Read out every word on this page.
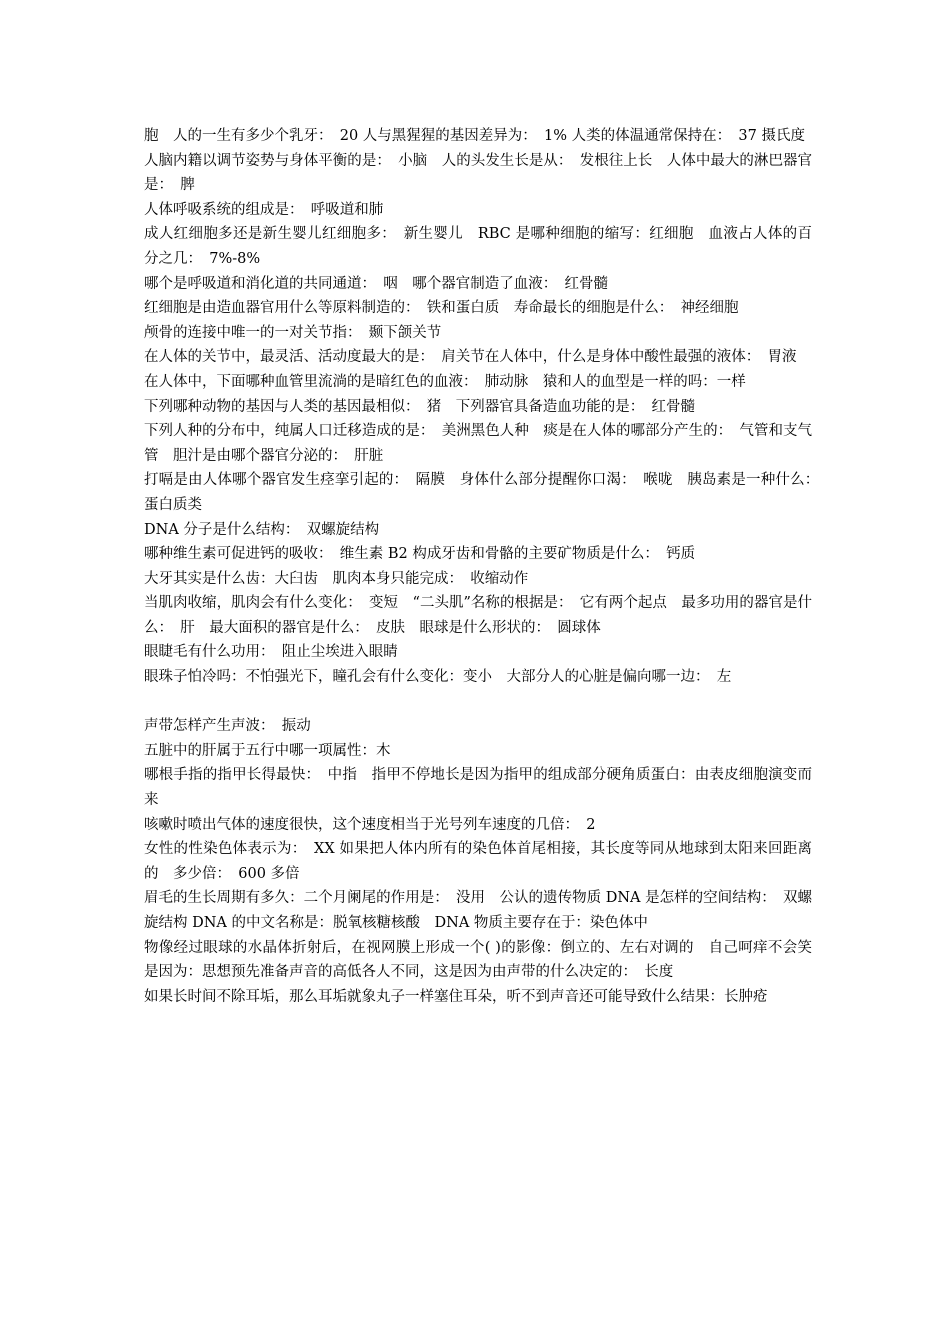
胞　人的一生有多少个乳牙：　20 人与黑猩猩的基因差异为：　1% 人类的体温通常保持在：　37 摄氏度

人脑内籍以调节姿势与身体平衡的是：　小脑　人的头发生长是从：　发根往上长　人体中最大的淋巴器官是：　脾

人体呼吸系统的组成是：　呼吸道和肺

成人红细胞多还是新生婴儿红细胞多：　新生婴儿　RBC 是哪种细胞的缩写：红细胞　血液占人体的百分之几：　7%-8%

哪个是呼吸道和消化道的共同通道：　咽　哪个器官制造了血液：　红骨髓

红细胞是由造血器官用什么等原料制造的：　铁和蛋白质　寿命最长的细胞是什么：　神经细胞

颅骨的连接中唯一的一对关节指：　颞下颌关节

在人体的关节中，最灵活、活动度最大的是：　肩关节在人体中，什么是身体中酸性最强的液体：　胃液

在人体中，下面哪种血管里流淌的是暗红色的血液：　肺动脉　猿和人的血型是一样的吗：一样

下列哪种动物的基因与人类的基因最相似：　猪　下列器官具备造血功能的是：　红骨髓

下列人种的分布中，纯属人口迁移造成的是：　美洲黑色人种　痰是在人体的哪部分产生的：　气管和支气管　胆汁是由哪个器官分泌的：　肝脏

打嗝是由人体哪个器官发生痉挛引起的：　隔膜　身体什么部分提醒你口渴：　喉咙　胰岛素是一种什么：　蛋白质类

DNA 分子是什么结构：　双螺旋结构

哪种维生素可促进钙的吸收：　维生素 B2 构成牙齿和骨骼的主要矿物质是什么：　钙质

大牙其实是什么齿：大臼齿　肌肉本身只能完成：　收缩动作

当肌肉收缩，肌肉会有什么变化：　变短　“二头肌”名称的根据是：　它有两个起点　最多功用的器官是什么：　肝　最大面积的器官是什么：　皮肤　眼球是什么形状的：　圆球体

眼睫毛有什么功用：　阻止尘埃进入眼睛

眼珠子怕冷吗：不怕强光下，瞳孔会有什么变化：变小　大部分人的心脏是偏向哪一边：　左

声带怎样产生声波：　振动

五脏中的肝属于五行中哪一项属性：木

哪根手指的指甲长得最快：　中指　指甲不停地长是因为指甲的组成部分硬角质蛋白：由表皮细胞演变而来

咳嗽时喷出气体的速度很快，这个速度相当于光号列车速度的几倍：　2

女性的性染色体表示为：　XX 如果把人体内所有的染色体首尾相接，其长度等同从地球到太阳来回距离的　多少倍：　600 多倍

眉毛的生长周期有多久：二个月阑尾的作用是：　没用　公认的遗传物质 DNA 是怎样的空间结构：　双螺旋结构 DNA 的中文名称是：脱氧核糖核酸　DNA 物质主要存在于：染色体中

物像经过眼球的水晶体折射后，在视网膜上形成一个( )的影像：倒立的、左右对调的　自己呵痒不会笑是因为：思想预先准备声音的高低各人不同，这是因为由声带的什么决定的：　长度

如果长时间不除耳垢，那么耳垢就象丸子一样塞住耳朵，听不到声音还可能导致什么结果：长肿疮
